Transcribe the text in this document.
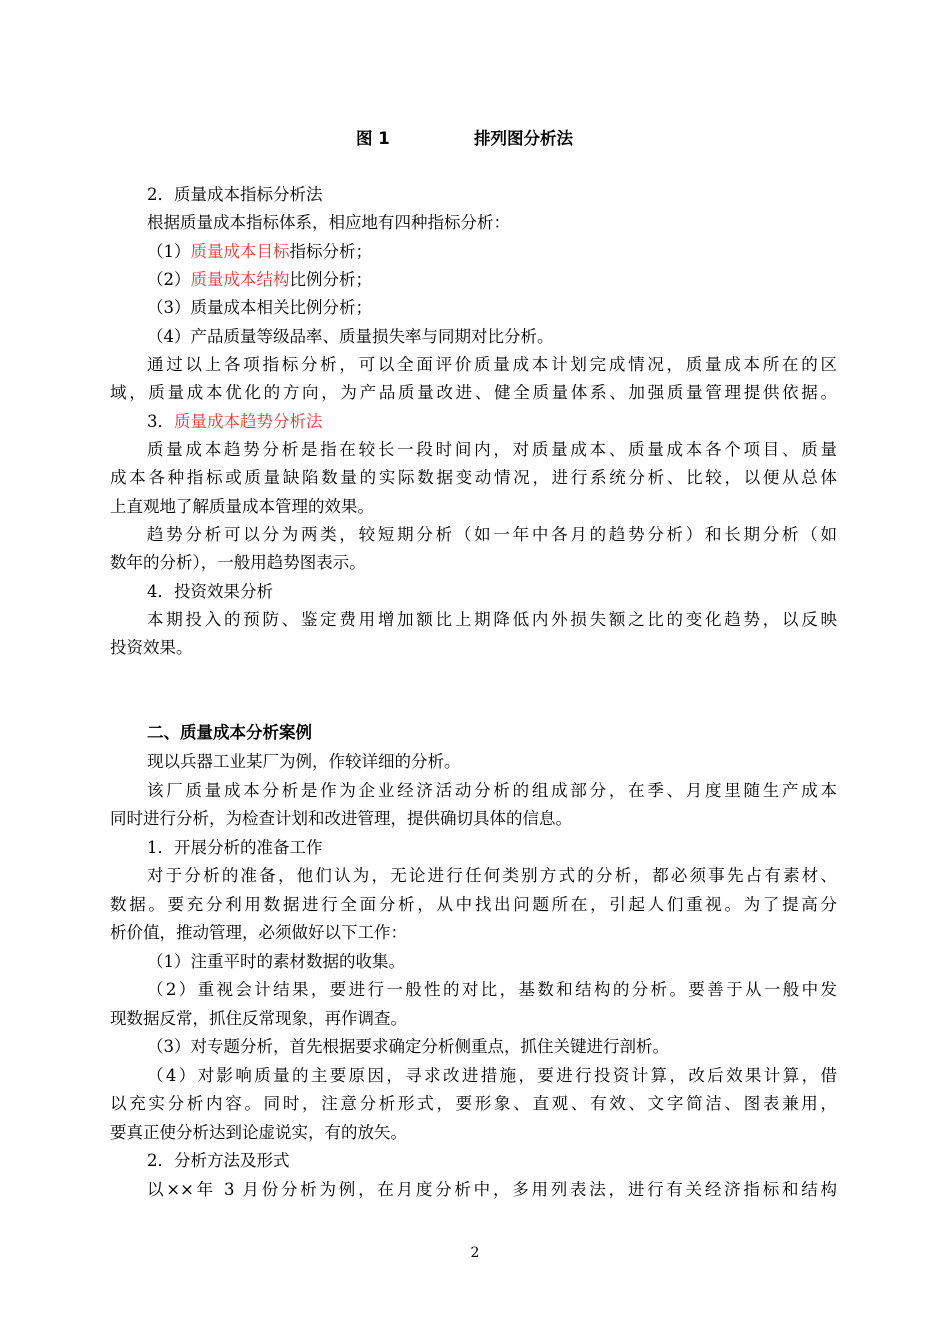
图 1	排列图分析法
2．质量成本指标分析法
根据质量成本指标体系，相应地有四种指标分析：
（1）质量成本目标指标分析；
（2）质量成本结构比例分析；
（3）质量成本相关比例分析；
（4）产品质量等级品率、质量损失率与同期对比分析。
通过以上各项指标分析，可以全面评价质量成本计划完成情况，质量成本所在的区
域，质量成本优化的方向，为产品质量改进、健全质量体系、加强质量管理提供依据。
3．质量成本趋势分析法
质量成本趋势分析是指在较长一段时间内，对质量成本、质量成本各个项目、质量
成本各种指标或质量缺陷数量的实际数据变动情况，进行系统分析、比较，以便从总体
上直观地了解质量成本管理的效果。
趋势分析可以分为两类，较短期分析（如一年中各月的趋势分析）和长期分析（如
数年的分析），一般用趋势图表示。
4．投资效果分析
本期投入的预防、鉴定费用增加额比上期降低内外损失额之比的变化趋势，以反映
投资效果。
二、质量成本分析案例
现以兵器工业某厂为例，作较详细的分析。
该厂质量成本分析是作为企业经济活动分析的组成部分，在季、月度里随生产成本
同时进行分析，为检查计划和改进管理，提供确切具体的信息。
1．开展分析的准备工作
对于分析的准备，他们认为，无论进行任何类别方式的分析，都必须事先占有素材、
数据。要充分利用数据进行全面分析，从中找出问题所在，引起人们重视。为了提高分
析价值，推动管理，必须做好以下工作：
（1）注重平时的素材数据的收集。
（2）重视会计结果，要进行一般性的对比，基数和结构的分析。要善于从一般中发
现数据反常，抓住反常现象，再作调查。
（3）对专题分析，首先根据要求确定分析侧重点，抓住关键进行剖析。
（4）对影响质量的主要原因，寻求改进措施，要进行投资计算，改后效果计算，借
以充实分析内容。同时，注意分析形式，要形象、直观、有效、文字简洁、图表兼用，
要真正使分析达到论虚说实，有的放矢。
2．分析方法及形式
以××年 3 月份分析为例，在月度分析中，多用列表法，进行有关经济指标和结构
2
